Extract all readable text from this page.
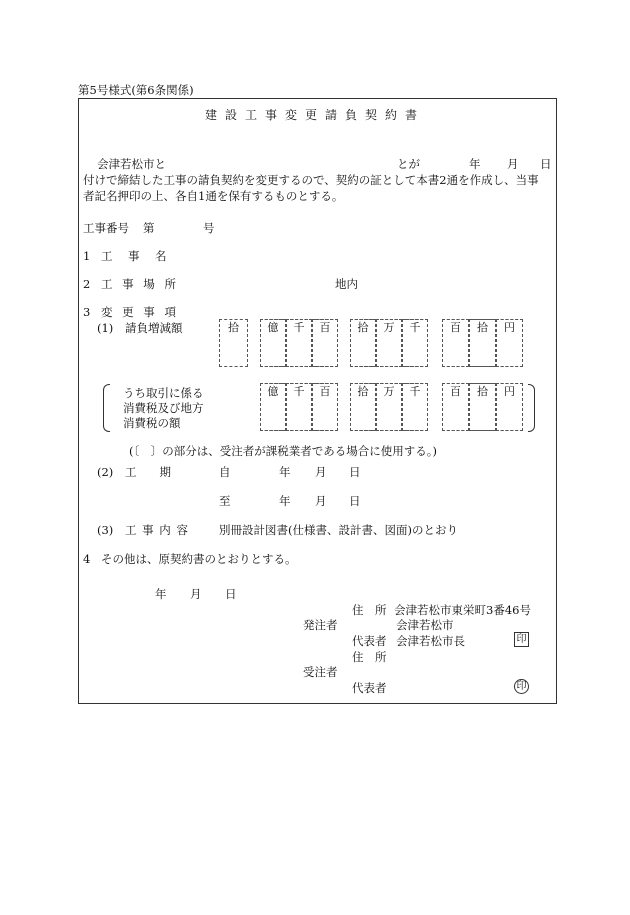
第5号様式(第6条関係)
建設工事変更請負契約書
会津若松市と	とが	年 月 日
付けで締結した工事の請負契約を変更するので、契約の証として本書2通を作成し、当事
者記名押印の上、各自1通を保有するものとする。
工事番号 第	号
1 工　事　名
2 工 事 場 所	地内
3 変 更 事 項
(1) 請負増減額	拾	億	千	百	拾	万	千	百	拾	円
うち取引に係る
消費税及び地方
消費税の額
億	千	百	拾	万	千	百	拾	円
(〔　〕の部分は、受注者が課税業者である場合に使用する。)
(2) 工　　期	自	年 月 日
至	年 月 日
(3) 工 事 内 容	別冊設計図書(仕様書、設計書、図面)のとおり
4 その他は、原契約書のとおりとする。
年 月 日
住　所 会津若松市東栄町3番46号
発注者	会津若松市
代表者 会津若松市長	印
住　所
受注者
代表者	印
